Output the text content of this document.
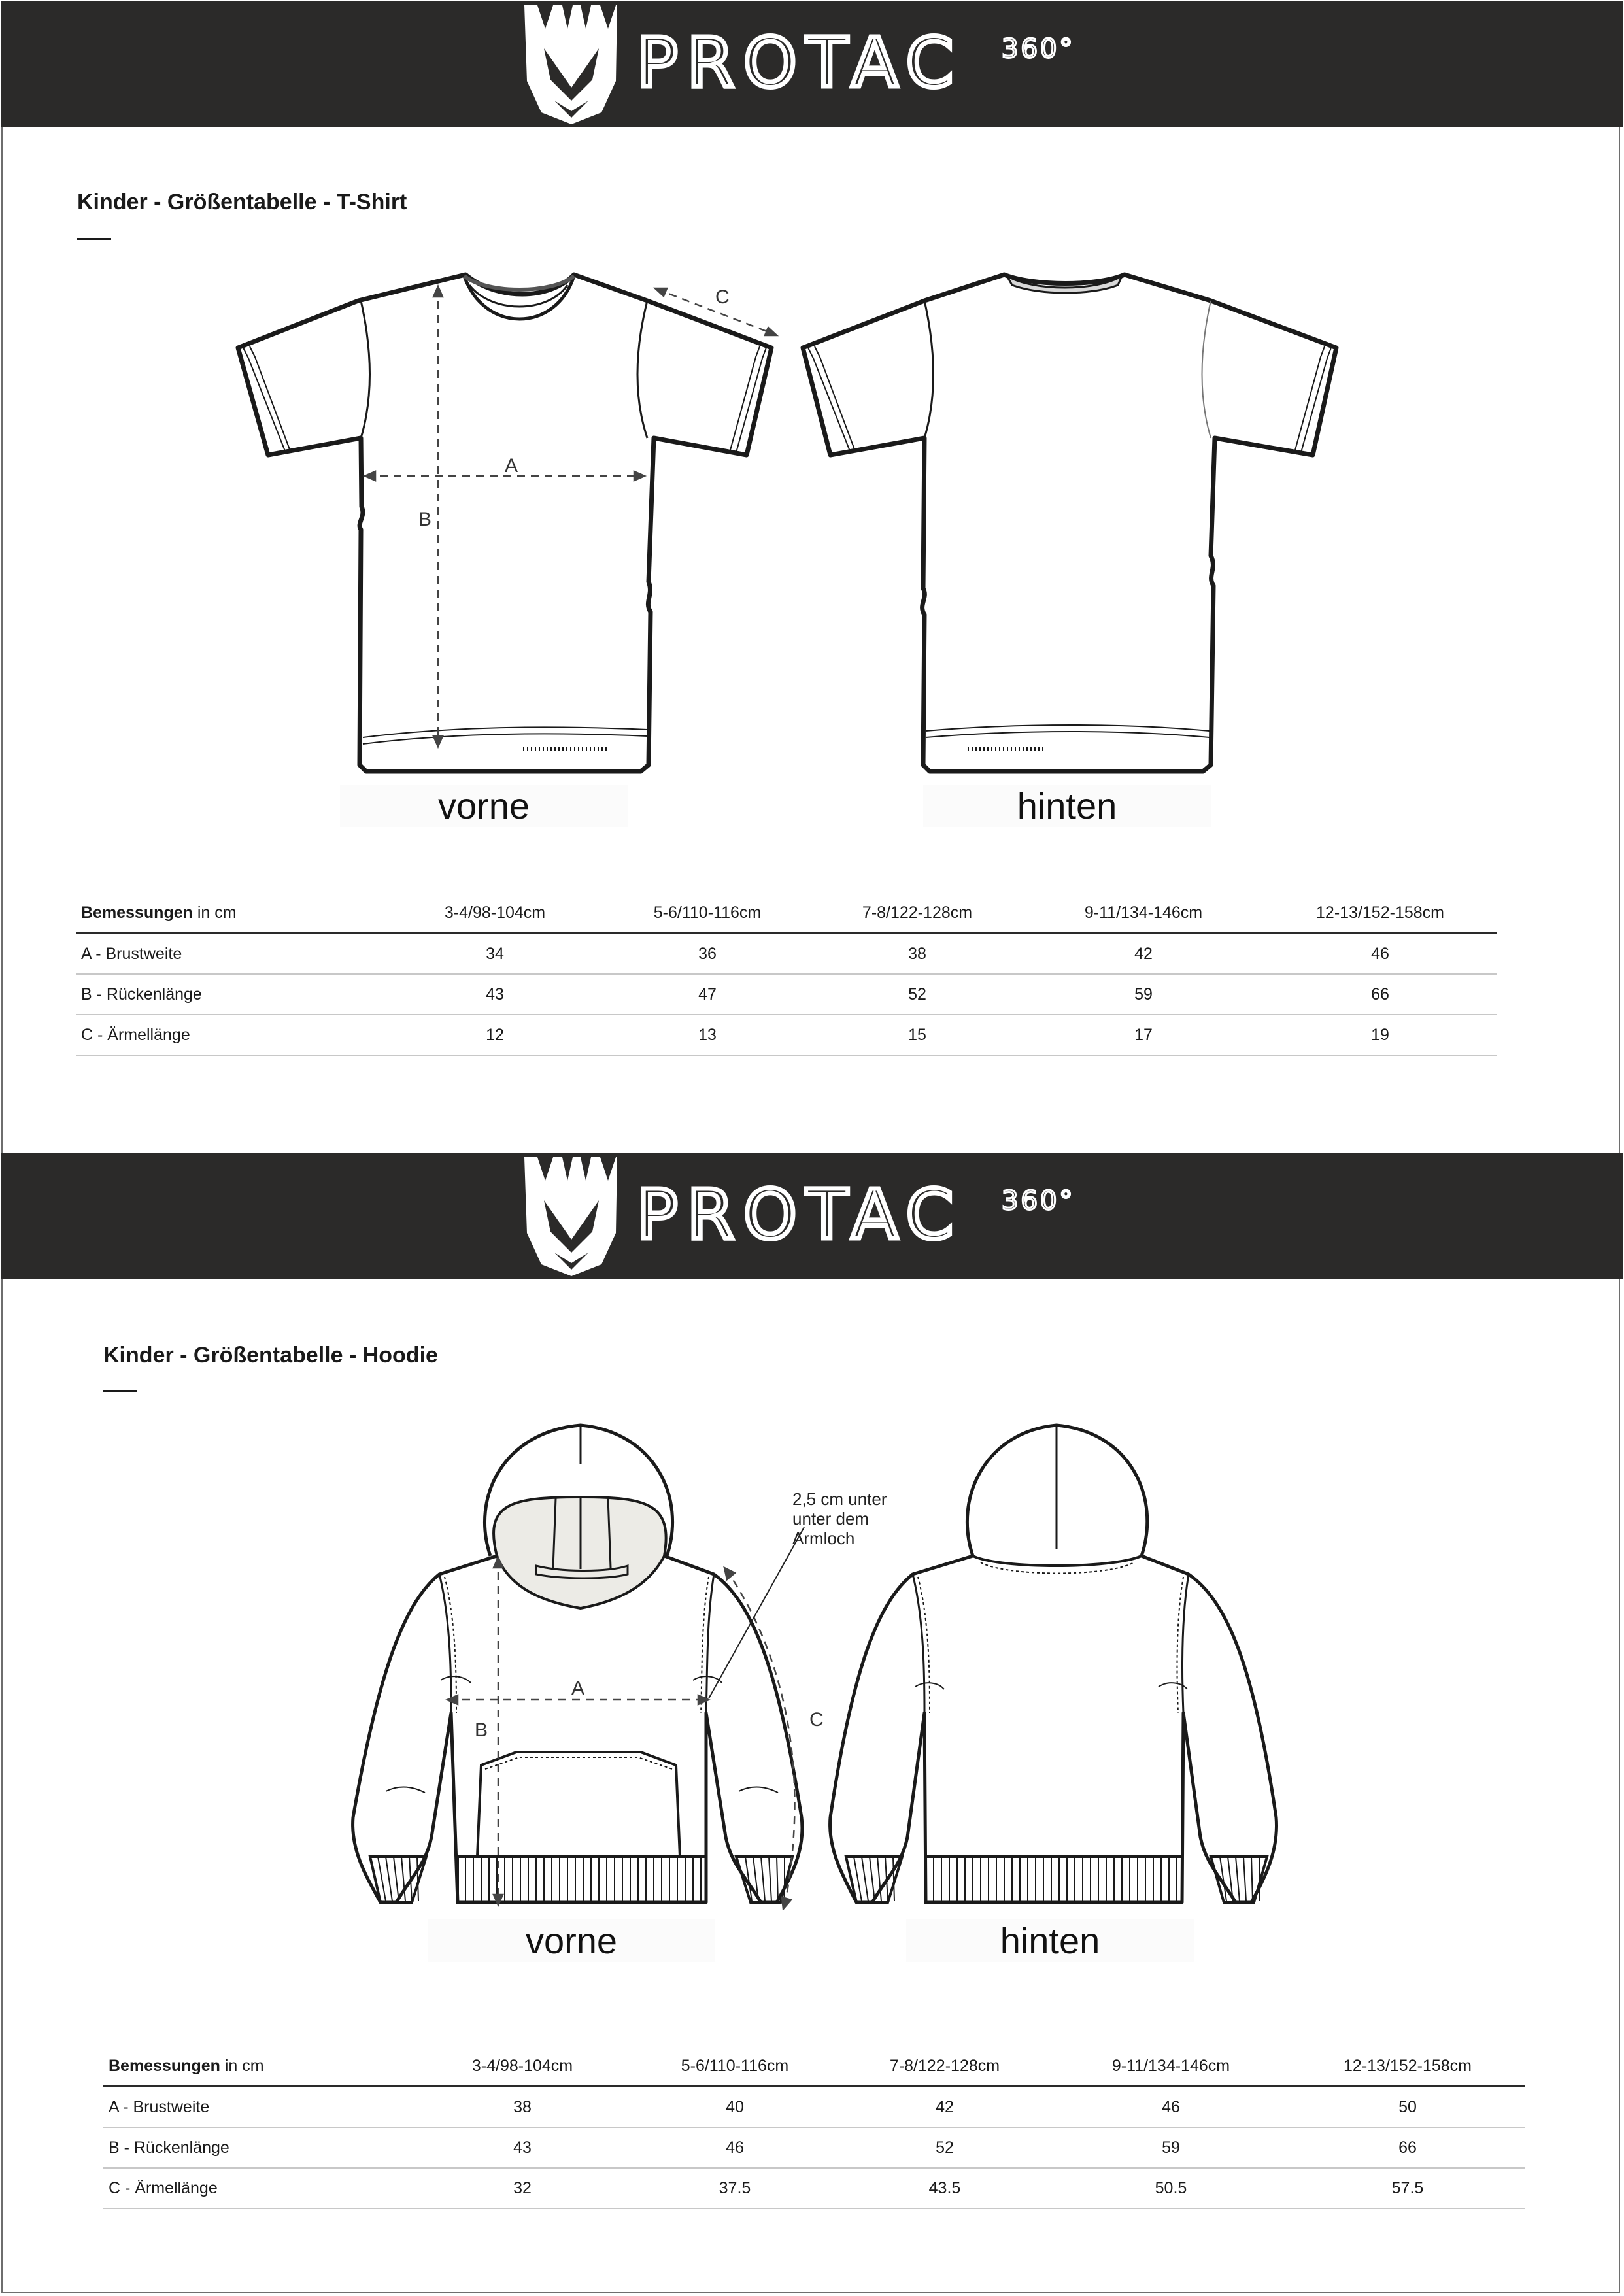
PROTAC 360°
Kinder - Größentabelle - T-Shirt
A
B
C
vorne	hinten
Bemessungen in cm	3-4/98-104cm	5-6/110-116cm	7-8/122-128cm	9-11/134-146cm	12-13/152-158cm
A - Brustweite	34	36	38	42	46
B - Rückenlänge	43	47	52	59	66
C - Ärmellänge	12	13	15	17	19
PROTAC 360°
Kinder - Größentabelle - Hoodie
A
B	C
2,5 cm unter
unter dem
Armloch
vorne	hinten
Bemessungen in cm	3-4/98-104cm	5-6/110-116cm	7-8/122-128cm	9-11/134-146cm	12-13/152-158cm
A - Brustweite	38	40	42	46	50
B - Rückenlänge	43	46	52	59	66
C - Ärmellänge	32	37.5	43.5	50.5	57.5
